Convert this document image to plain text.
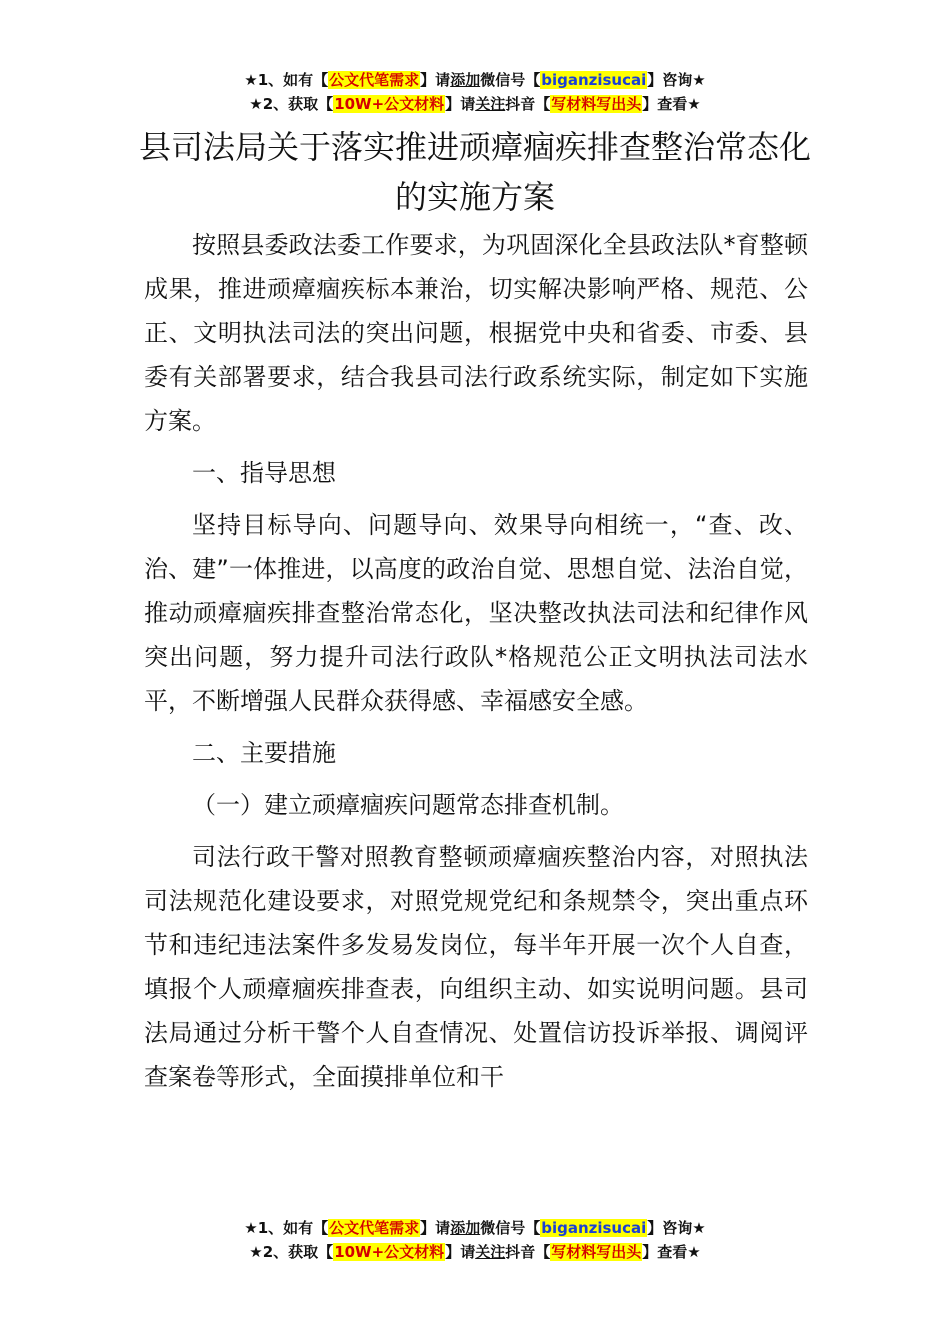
★1、如有【公文代笔需求】请添加微信号【biganzisucai】咨询★
★2、获取【10W+公文材料】请关注抖音【写材料写出头】查看★
县司法局关于落实推进顽瘴痼疾排查整治常态化的实施方案

按照县委政法委工作要求，为巩固深化全县政法队*育整顿成果，推进顽瘴痼疾标本兼治，切实解决影响严格、规范、公正、文明执法司法的突出问题，根据党中央和省委、市委、县委有关部署要求，结合我县司法行政系统实际，制定如下实施方案。

一、指导思想

坚持目标导向、问题导向、效果导向相统一，“查、改、治、建”一体推进，以高度的政治自觉、思想自觉、法治自觉，推动顽瘴痼疾排查整治常态化，坚决整改执法司法和纪律作风突出问题，努力提升司法行政队*格规范公正文明执法司法水平，不断增强人民群众获得感、幸福感安全感。

二、主要措施

（一）建立顽瘴痼疾问题常态排查机制。

司法行政干警对照教育整顿顽瘴痼疾整治内容，对照执法司法规范化建设要求，对照党规党纪和条规禁令，突出重点环节和违纪违法案件多发易发岗位，每半年开展一次个人自查，填报个人顽瘴痼疾排查表，向组织主动、如实说明问题。县司法局通过分析干警个人自查情况、处置信访投诉举报、调阅评查案卷等形式，全面摸排单位和干

★1、如有【公文代笔需求】请添加微信号【biganzisucai】咨询★
★2、获取【10W+公文材料】请关注抖音【写材料写出头】查看★
